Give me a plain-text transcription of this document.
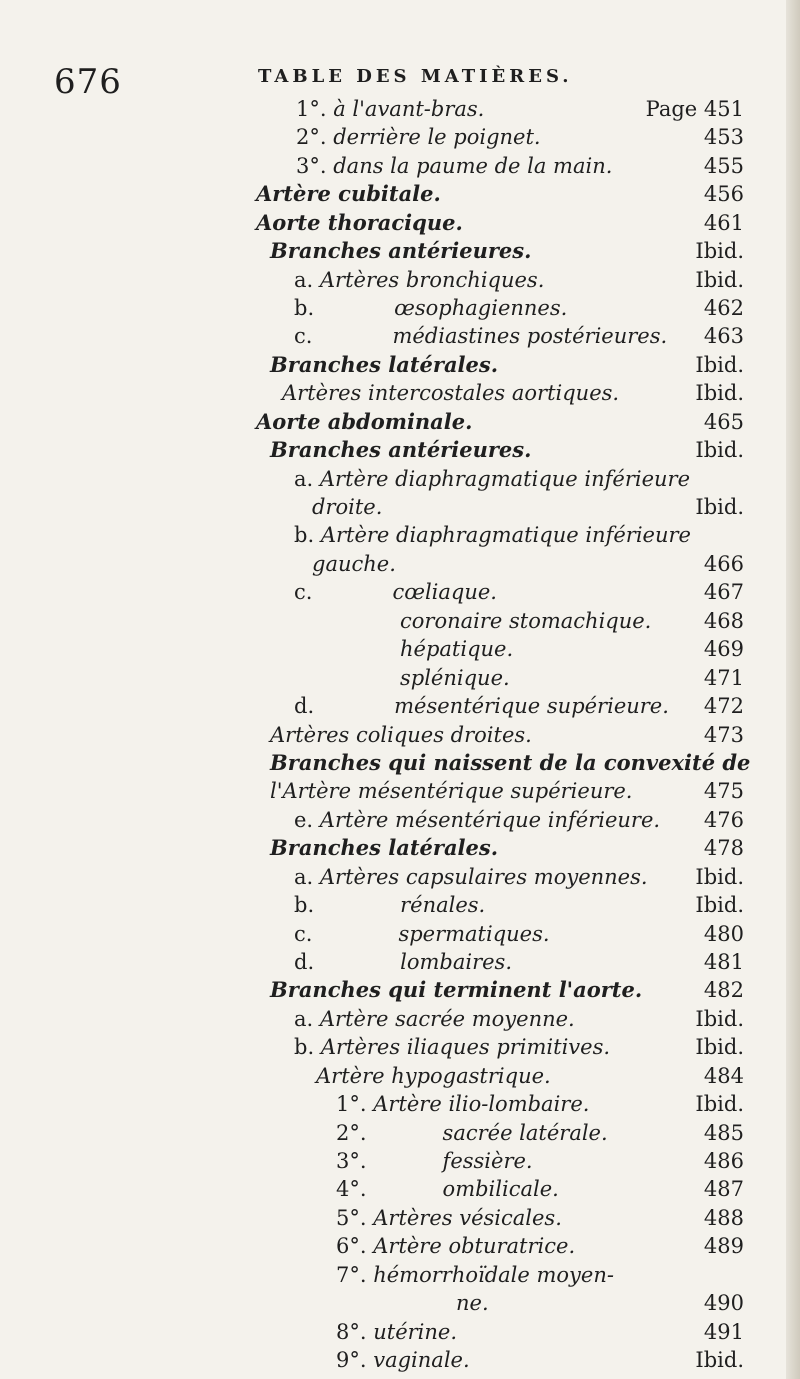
676	TABLE DES MATIÈRES.
1°. à l'avant-bras.	Page 451
2°. derrière le poignet.	453
3°. dans la paume de la main.	455
Artère cubitale.	456
Aorte thoracique.	461
Branches antérieures.	Ibid.
a. Artères bronchiques.	Ibid.
b.	œsophagiennes.	462
c.	médiastines postérieures. 463
Branches latérales.	Ibid.
Artères intercostales aortiques.	Ibid.
Aorte abdominale.	465
Branches antérieures.	Ibid.
a. Artère diaphragmatique inférieure
droite.	Ibid.
b. Artère diaphragmatique inférieure
gauche.	466
c.	cœliaque.	467
coronaire stomachique.	468
hépatique.	469
splénique.	471
d.	mésentérique supérieure. 472
Artères coliques droites.	473
Branches qui naissent de la convexité de
l'Artère mésentérique supérieure.	475
e. Artère mésentérique inférieure. 476
Branches latérales.	478
a. Artères capsulaires moyennes. Ibid.
b.	rénales.	Ibid.
c.	spermatiques.	480
d.	lombaires.	481
Branches qui terminent l'aorte.	482
a. Artère sacrée moyenne.	Ibid.
b. Artères iliaques primitives.	Ibid.
Artère hypogastrique.	484
1°. Artère ilio-lombaire.	Ibid.
2°.	sacrée latérale.	485
3°.	fessière.	486
4°.	ombilicale.	487
5°. Artères vésicales.	488
6°. Artère obturatrice.	489
7°. hémorrhoïdale moyen-
ne.	490
8°. utérine.	491
9°. vaginale.	Ibid.
